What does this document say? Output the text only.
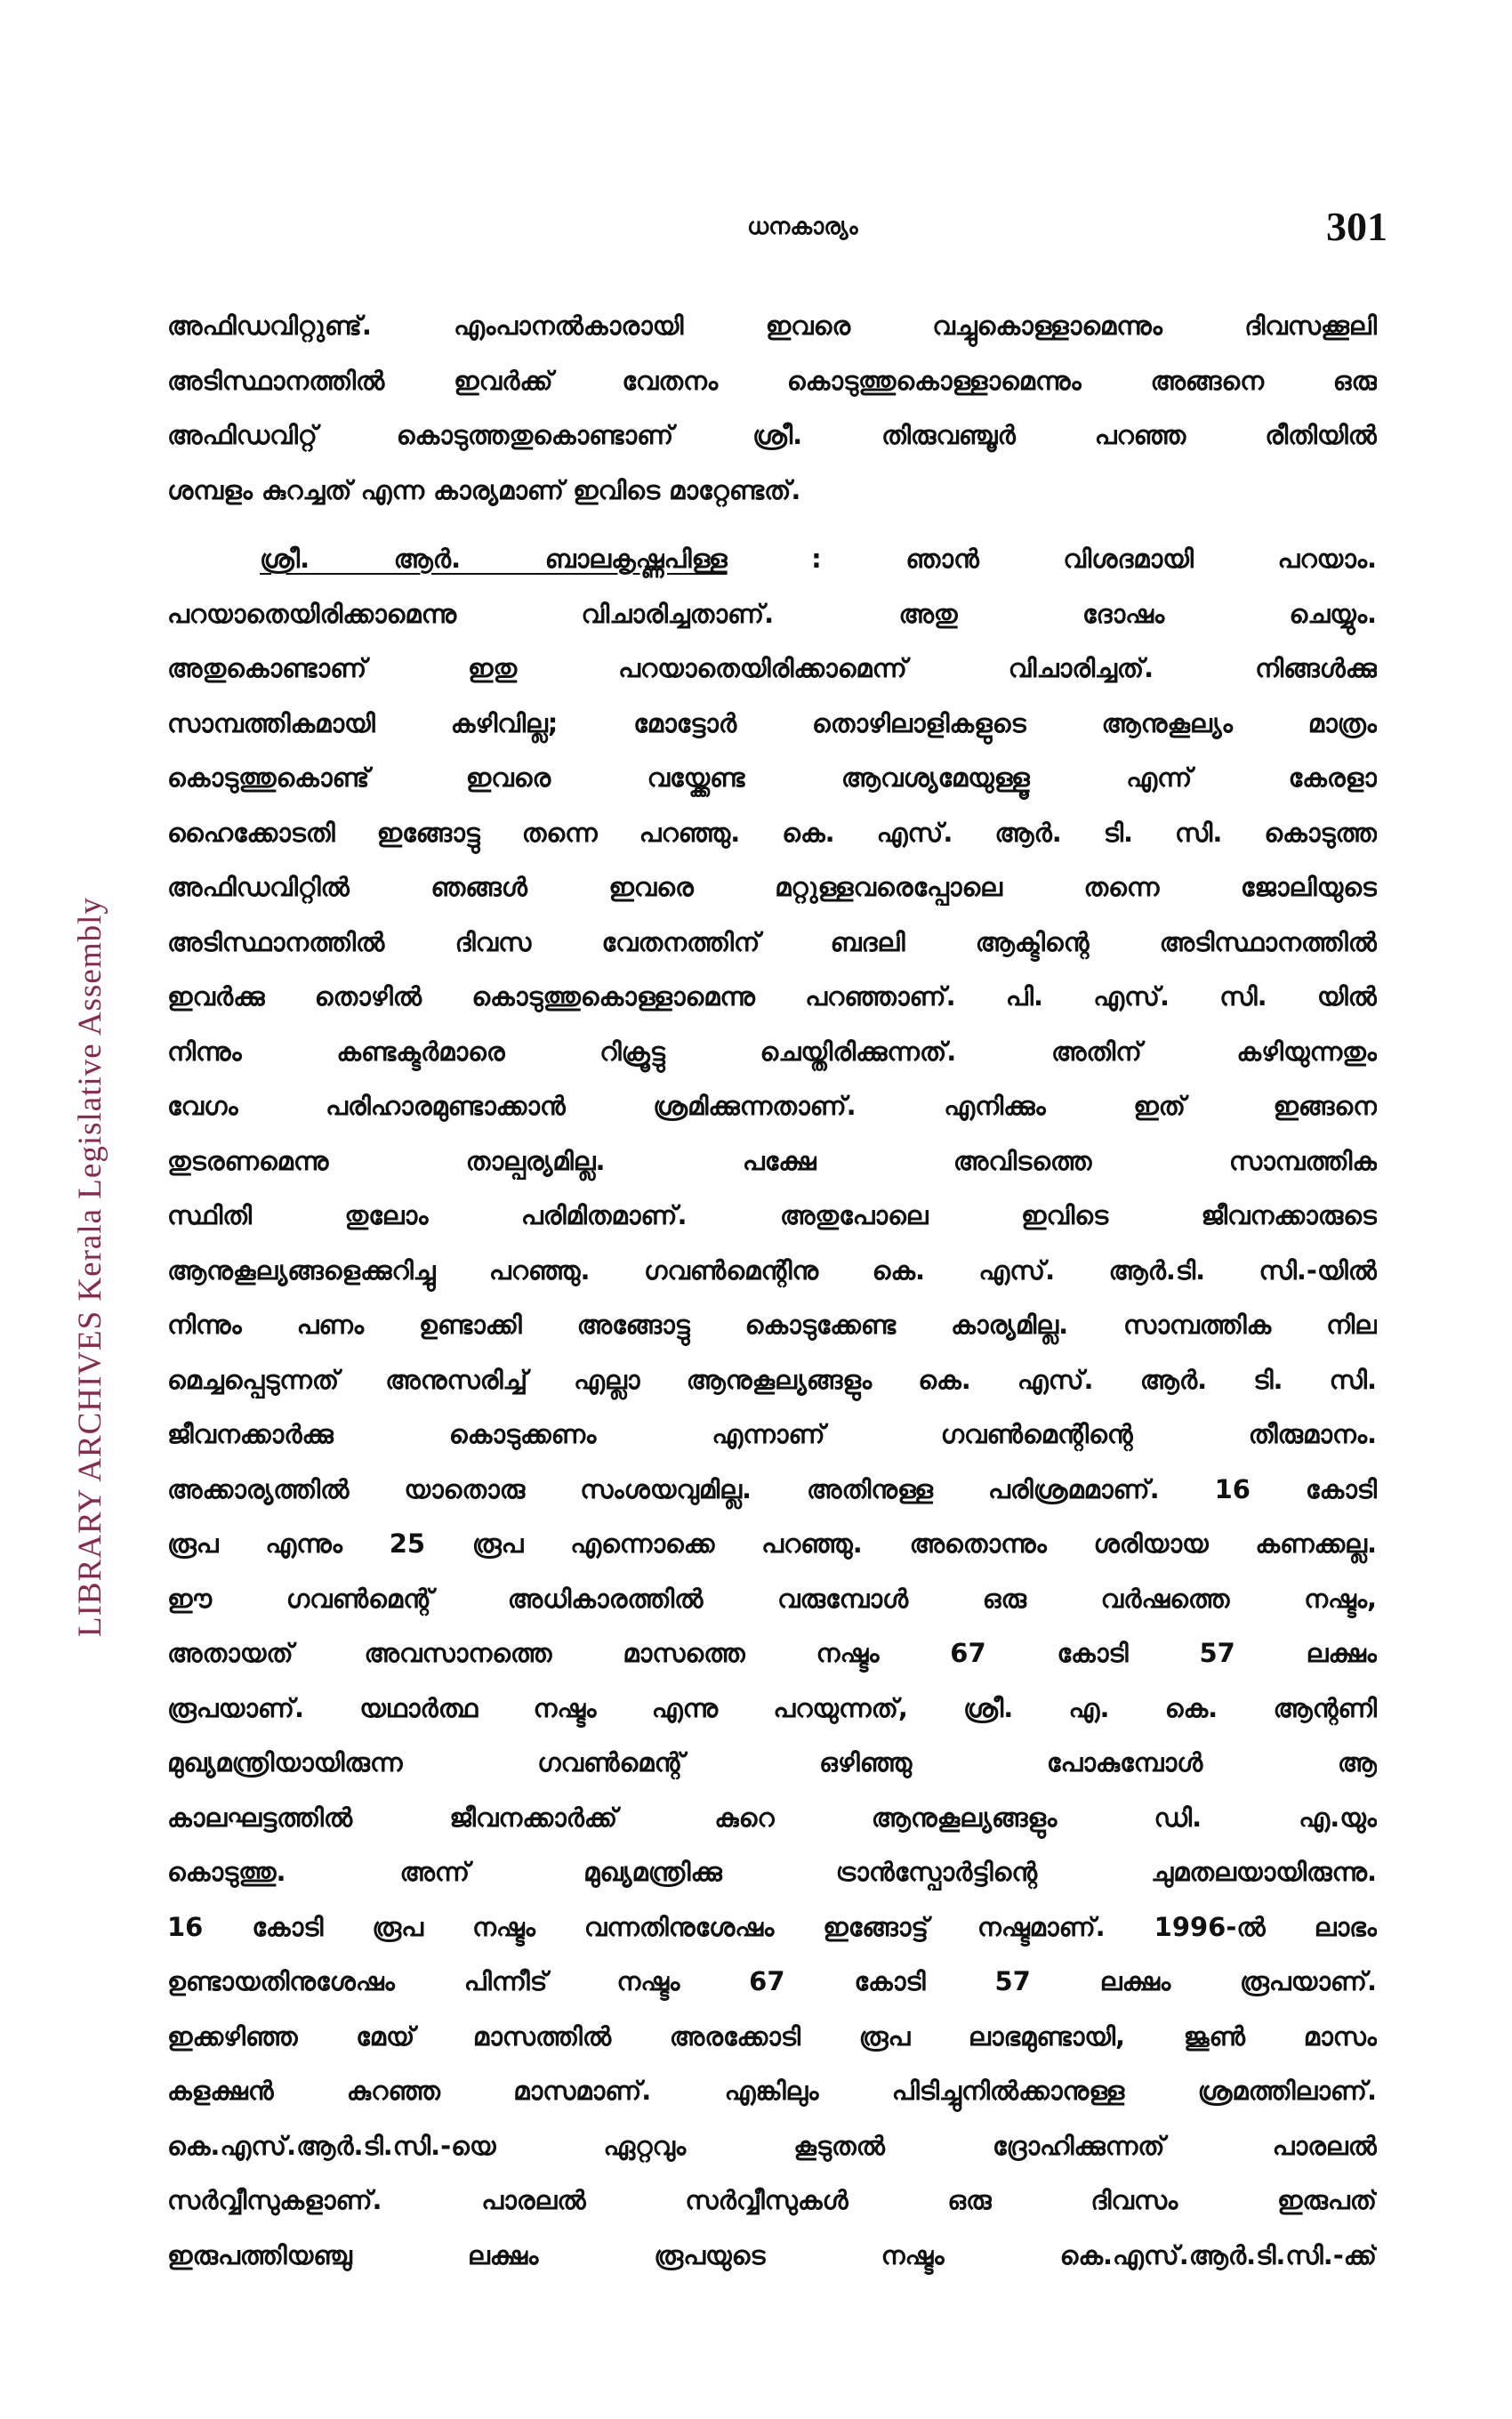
LIBRARY ARCHIVES Kerala Legislative Assembly
ധനകാര്യം	301
അഫിഡവിറ്റുണ്ട്. എംപാനൽകാരായി ഇവരെ വച്ചുകൊള്ളാമെന്നും ദിവസക്കൂലി
അടിസ്ഥാനത്തിൽ ഇവർക്ക് വേതനം കൊടുത്തുകൊള്ളാമെന്നും അങ്ങനെ ഒരു
അഫിഡവിറ്റ് കൊടുത്തതുകൊണ്ടാണ് ശ്രീ. തിരുവഞ്ചൂർ പറഞ്ഞ രീതിയിൽ
ശമ്പളം കുറച്ചത് എന്ന കാര്യമാണ് ഇവിടെ മാറ്റേണ്ടത്.
ശ്രീ. ആർ. ബാലകൃഷ്ണപിള്ള : ഞാൻ വിശദമായി പറയാം.
പറയാതെയിരിക്കാമെന്നു വിചാരിച്ചതാണ്. അതു ദോഷം ചെയ്യും.
അതുകൊണ്ടാണ് ഇതു പറയാതെയിരിക്കാമെന്ന് വിചാരിച്ചത്. നിങ്ങൾക്കു
സാമ്പത്തികമായി കഴിവില്ല; മോട്ടോർ തൊഴിലാളികളുടെ ആനുകൂല്യം മാത്രം
കൊടുത്തുകൊണ്ട് ഇവരെ വയ്ക്കേണ്ട ആവശ്യമേയുള്ളൂ എന്ന് കേരളാ
ഹൈക്കോടതി ഇങ്ങോട്ടു തന്നെ പറഞ്ഞു. കെ. എസ്. ആർ. ടി. സി. കൊടുത്ത
അഫിഡവിറ്റിൽ ഞങ്ങൾ ഇവരെ മറ്റുള്ളവരെപ്പോലെ തന്നെ ജോലിയുടെ
അടിസ്ഥാനത്തിൽ ദിവസ വേതനത്തിന് ബദലി ആക്ടിന്റെ അടിസ്ഥാനത്തിൽ
ഇവർക്കു തൊഴിൽ കൊടുത്തുകൊള്ളാമെന്നു പറഞ്ഞാണ്. പി. എസ്. സി. യിൽ
നിന്നും കണ്ടക്ടർമാരെ റിക്രൂട്ടു ചെയ്തിരിക്കുന്നത്. അതിന് കഴിയുന്നതും
വേഗം പരിഹാരമുണ്ടാക്കാൻ ശ്രമിക്കുന്നതാണ്. എനിക്കും ഇത് ഇങ്ങനെ
തുടരണമെന്നു താല്പര്യമില്ല. പക്ഷേ അവിടത്തെ സാമ്പത്തിക
സ്ഥിതി തുലോം പരിമിതമാണ്. അതുപോലെ ഇവിടെ ജീവനക്കാരുടെ
ആനുകൂല്യങ്ങളെക്കുറിച്ചു പറഞ്ഞു. ഗവൺമെന്റിനു കെ. എസ്. ആർ.ടി. സി.-യിൽ
നിന്നും പണം ഉണ്ടാക്കി അങ്ങോട്ടു കൊടുക്കേണ്ട കാര്യമില്ല. സാമ്പത്തിക നില
മെച്ചപ്പെടുന്നത് അനുസരിച്ച് എല്ലാ ആനുകൂല്യങ്ങളും കെ. എസ്. ആർ. ടി. സി.
ജീവനക്കാർക്കു കൊടുക്കണം എന്നാണ് ഗവൺമെന്റിന്റെ തീരുമാനം.
അക്കാര്യത്തിൽ യാതൊരു സംശയവുമില്ല. അതിനുള്ള പരിശ്രമമാണ്. 16 കോടി
രൂപ എന്നും 25 രൂപ എന്നൊക്കെ പറഞ്ഞു. അതൊന്നും ശരിയായ കണക്കല്ല.
ഈ ഗവൺമെന്റ് അധികാരത്തിൽ വരുമ്പോൾ ഒരു വർഷത്തെ നഷ്ടം,
അതായത് അവസാനത്തെ മാസത്തെ നഷ്ടം 67 കോടി 57 ലക്ഷം
രൂപയാണ്. യഥാർത്ഥ നഷ്ടം എന്നു പറയുന്നത്, ശ്രീ. എ. കെ. ആന്റണി
മുഖ്യമന്ത്രിയായിരുന്ന ഗവൺമെന്റ് ഒഴിഞ്ഞു പോകുമ്പോൾ ആ
കാലഘട്ടത്തിൽ ജീവനക്കാർക്ക് കുറെ ആനുകൂല്യങ്ങളും ഡി. എ.യും
കൊടുത്തു. അന്ന് മുഖ്യമന്ത്രിക്കു ട്രാൻസ്പോർട്ടിന്റെ ചുമതലയായിരുന്നു.
16 കോടി രൂപ നഷ്ടം വന്നതിനുശേഷം ഇങ്ങോട്ട് നഷ്ടമാണ്. 1996-ൽ ലാഭം
ഉണ്ടായതിനുശേഷം പിന്നീട് നഷ്ടം 67 കോടി 57 ലക്ഷം രൂപയാണ്.
ഇക്കഴിഞ്ഞ മേയ് മാസത്തിൽ അരക്കോടി രൂപ ലാഭമുണ്ടായി, ജൂൺ മാസം
കളക്ഷൻ കുറഞ്ഞ മാസമാണ്. എങ്കിലും പിടിച്ചുനിൽക്കാനുള്ള ശ്രമത്തിലാണ്.
കെ.എസ്.ആർ.ടി.സി.-യെ ഏറ്റവും കൂടുതൽ ദ്രോഹിക്കുന്നത് പാരലൽ
സർവ്വീസുകളാണ്. പാരലൽ സർവ്വീസുകൾ ഒരു ദിവസം ഇരുപത്
ഇരുപത്തിയഞ്ചു ലക്ഷം രൂപയുടെ നഷ്ടം കെ.എസ്.ആർ.ടി.സി.-ക്ക്
